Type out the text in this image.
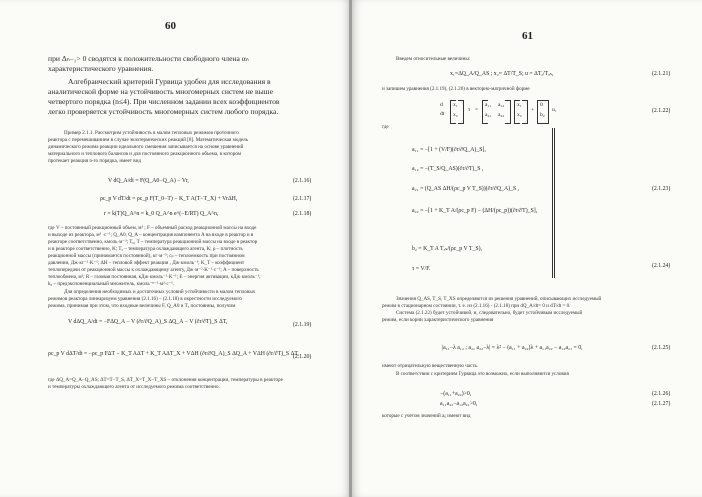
60
при Δₙ₋₁> 0 сводятся к положительности свободного члена αₙ
характеристического уравнения.
Алгебраический критерий Гурвица удобен для исследования в
аналитической форме на устойчивость многомерных систем не выше
четвертого порядка (n≤4). При численном задании всех коэффициентов
легко проверяется устойчивость многомерных систем любого порядка.
Пример 2.1.1. Рассмотрим устойчивость в малом тепловых режимов проточного
реактора с перемешиванием в случае экзотермических реакций [8]. Математическая модель
динамического режима реакции идеального смешения записывается на основе уравнений
материального и теплового балансов и для постоянного реакционного объема, в котором
протекает реакция n-го порядка, имеет вид
V dQ_A/dt = F(Q_A0−Q_A) − Vr,	(2.1.16)
ρc_p V dT/dt = ρc_p F(T_0−T) − K_T A(T−T_X) + VrΔH,	(2.1.17)
r = k(T)Q_A^n = k_0 Q_A^n e^(−E/RT) Q_A^n,	(2.1.18)
где V – постоянный реакционный объем, м³ ; F – объемный расход реакционной массы на входе
и выходе из реактора, м³ ·с⁻¹; Q_A0, Q_A – концентрация компонента A на входе в реактор и в
реакторе соответственно, кмоль·м⁻³; T₀, T – температура реакционной массы на входе в реактор
и в реакторе соответственно, K; Tₓ – температура охлаждающего агента, K; ρ – плотность
реакционной массы (принимается постоянной), кг·м⁻³; cₚ – теплоемкость при постоянном
давлении, Дж·кг⁻¹·K⁻¹; ΔH – тепловой эффект реакции , Дж·кмоль⁻¹; K_T – коэффициент
теплопередачи от реакционной массы к охлаждающему агенту, Дж·м⁻²·K⁻¹·с⁻¹; A – поверхность
теплообмена, м²; R – газовая постоянная, кДж·кмоль⁻¹·K⁻¹; E – энергия активации, кДж·кмоль⁻¹;
k₀ – предэкспоненциальный множитель, кмоль⁻ⁿ⁻¹·м³·с⁻¹.
Для определения необходимых и достаточных условий устойчивости в малом тепловых
режимов реактора линеаризуем уравнения (2.1.16) – (2.1.18) в окрестности исследуемого
режима, принимая при этом, что входные величины F, Q_A0 и Tₓ постоянны, получим
V dΔQ_A/dt = −FΔQ_A − V (∂r/∂Q_A)_S ΔQ_A − V (∂r/∂T)_S ΔT,	(2.1.19)
ρc_p V dΔT/dt = −ρc_p FΔT − K_T AΔT + K_T AΔT_X + VΔH (∂r/∂Q_A)_S ΔQ_A + VΔH (∂r/∂T)_S ΔT,
(2.1.20)
где ΔQ_A=Q_A−Q_AS; ΔT=T−T_S, ΔT_X=T_X−T_XS – отклонения концентрации, температуры в реакторе
и температуры охлаждающего агента от исследуемого режима соответственно.
61
Введем относительные величины:
x₁=ΔQ_A/Q_AS ; x₂= ΔT/T_S; u = ΔTₓ/Tₓₛ,	(2.1.21)
и запишем уравнения (2.1.19), (2.1.20) в векторно-матричной форме
d
dt
x₁
x₂
τ =
a₁₁ a₁₂
a₂₁ a₂₂
x₁
x₂
+
0
b₂
u,	(2.1.22)
где
a₁₁ = −[1 + (V/F)(∂r/∂Q_A)_S],
a₁₂ = −(T_S/Q_AS)(∂r/∂T)_S ,
a₂₁ = (Q_AS ΔH/(ρc_p V T_S))(∂r/∂Q_A)_S ,
a₂₂ = −[1 + K_T A/(ρc_p F) − (ΔH/(ρc_p))(∂r/∂T)_S],
(2.1.23)
b₂ = K_T A Tₓₛ/(ρc_p V T_S),
τ = V/F.	(2.1.24)
Значения Q_AS, T_S, T_XS определяются из решения уравнений, описывающих исследуемый
режим в стационарном состоянии, т. е. из (2.1.16) - (2.1.18) при dQ_A/dt= 0 и dT/dt = 0.
Система (2.1.22) будет устойчивой, и, следовательно, будет устойчивым исследуемый
режим, если корни характеристического уравнения
|a₁₁−λ a₁₂ ; a₂₁ a₂₂−λ| = λ² − (a₁₁ + a₂₂)λ + a₁₁a₂₂ − a₁₂a₂₁ = 0,	(2.1.25)
имеют отрицательную вещественную часть.
В соответствии с критерием Гурвица это возможно, если выполняются условия
−(a₁₁+a₂₂)>0,	(2.1.26)
a₁₁a₂₂−a₁₂a₂₁>0,	(2.1.27)
которые с учетом значений aᵢⱼ имеют вид
